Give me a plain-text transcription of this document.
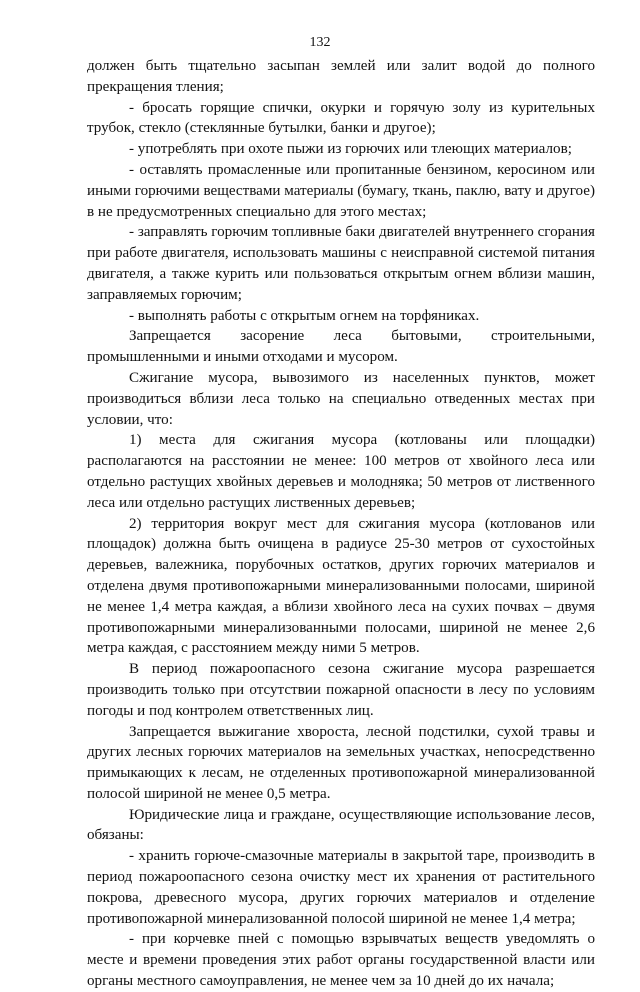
132

должен быть тщательно засыпан землей или залит водой до полного прекращения тления;

- бросать горящие спички, окурки и горячую золу из курительных трубок, стекло (стеклянные бутылки, банки и другое);

- употреблять при охоте пыжи из горючих или тлеющих материалов;

- оставлять промасленные или пропитанные бензином, керосином или иными горючими веществами материалы (бумагу, ткань, паклю, вату и другое) в не предусмотренных специально для этого местах;

- заправлять горючим топливные баки двигателей внутреннего сгорания при работе двигателя, использовать машины с неисправной системой питания двигателя, а также курить или пользоваться открытым огнем вблизи машин, заправляемых горючим;

- выполнять работы с открытым огнем на торфяниках.

Запрещается засорение леса бытовыми, строительными, промышленными и иными отходами и мусором.

Сжигание мусора, вывозимого из населенных пунктов, может производиться вблизи леса только на специально отведенных местах при условии, что:

1) места для сжигания мусора (котлованы или площадки) располагаются на расстоянии не менее: 100 метров от хвойного леса или отдельно растущих хвойных деревьев и молодняка; 50 метров от лиственного леса или отдельно растущих лиственных деревьев;

2) территория вокруг мест для сжигания мусора (котлованов или площадок) должна быть очищена в радиусе 25-30 метров от сухостойных деревьев, валежника, порубочных остатков, других горючих материалов и отделена двумя противопожарными минерализованными полосами, шириной не менее 1,4 метра каждая, а вблизи хвойного леса на сухих почвах – двумя противопожарными минерализованными полосами, шириной не менее 2,6 метра каждая, с расстоянием между ними 5 метров.

В период пожароопасного сезона сжигание мусора разрешается производить только при отсутствии пожарной опасности в лесу по условиям погоды и под контролем ответственных лиц.

Запрещается выжигание хвороста, лесной подстилки, сухой травы и других лесных горючих материалов на земельных участках, непосредственно примыкающих к лесам, не отделенных противопожарной минерализованной полосой шириной не менее 0,5 метра.

Юридические лица и граждане, осуществляющие использование лесов, обязаны:

- хранить горюче-смазочные материалы в закрытой таре, производить в период пожароопасного сезона очистку мест их хранения от растительного покрова, древесного мусора, других горючих материалов и отделение противопожарной минерализованной полосой шириной не менее 1,4 метра;

- при корчевке пней с помощью взрывчатых веществ уведомлять о месте и времени проведения этих работ органы государственной власти или органы местного самоуправления, не менее чем за 10 дней до их начала;
